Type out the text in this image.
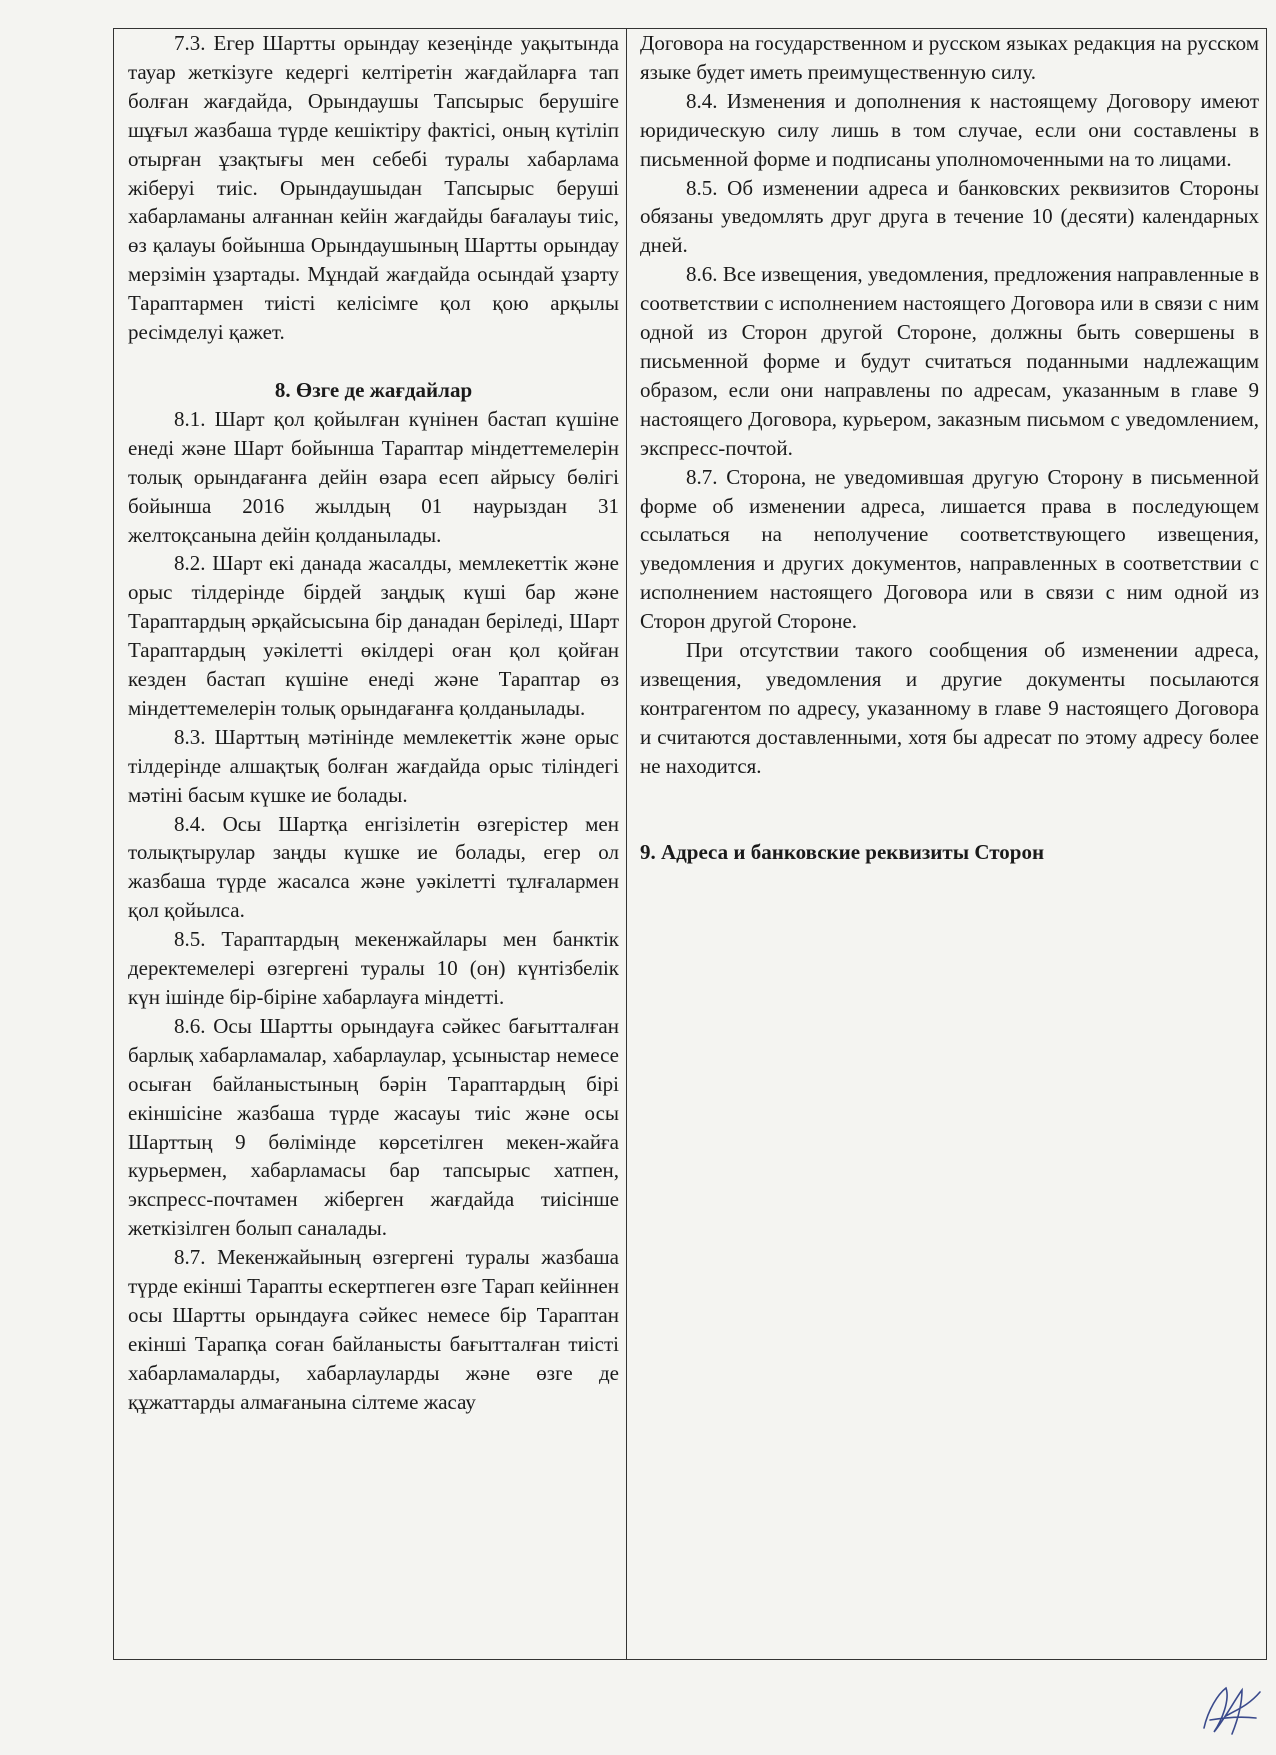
7.3. Егер Шартты орындау кезеңінде уақытында тауар жеткізуге кедергі келтіретін жағдайларға тап болған жағдайда, Орындаушы Тапсырыс берушіге шұғыл жазбаша түрде кешіктіру фактісі, оның күтіліп отырған ұзақтығы мен себебі туралы хабарлама жіберуі тиіс. Орындаушыдан Тапсырыс беруші хабарламаны алғаннан кейін жағдайды бағалауы тиіс, өз қалауы бойынша Орындаушының Шартты орындау мерзімін ұзартады. Мұндай жағдайда осындай ұзарту Тараптармен тиісті келісімге қол қою арқылы ресімделуі қажет.

8. Өзге де жағдайлар

8.1. Шарт қол қойылған күнінен бастап күшіне енеді және Шарт бойынша Тараптар міндеттемелерін толық орындағанға дейін өзара есеп айрысу бөлігі бойынша 2016 жылдың 01 наурыздан 31 желтоқсанына дейін қолданылады.

8.2. Шарт екі данада жасалды, мемлекеттік және орыс тілдерінде бірдей заңдық күші бар және Тараптардың әрқайсысына бір данадан беріледі, Шарт Тараптардың уәкілетті өкілдері оған қол қойған кезден бастап күшіне енеді және Тараптар өз міндеттемелерін толық орындағанға қолданылады.

8.3. Шарттың мәтінінде мемлекеттік және орыс тілдерінде алшақтық болған жағдайда орыс тіліндегі мәтіні басым күшке ие болады.

8.4. Осы Шартқа енгізілетін өзгерістер мен толықтырулар заңды күшке ие болады, егер ол жазбаша түрде жасалса және уәкілетті тұлғалармен қол қойылса.

8.5. Тараптардың мекенжайлары мен банктік деректемелері өзгергені туралы 10 (он) күнтізбелік күн ішінде бір-біріне хабарлауға міндетті.

8.6. Осы Шартты орындауға сәйкес бағытталған барлық хабарламалар, хабарлаулар, ұсыныстар немесе осыған байланыстының бәрін Тараптардың бірі екіншісіне жазбаша түрде жасауы тиіс және осы Шарттың 9 бөлімінде көрсетілген мекен-жайға курьермен, хабарламасы бар тапсырыс хатпен, экспресс-почтамен жіберген жағдайда тиісінше жеткізілген болып саналады.

8.7. Мекенжайының өзгергені туралы жазбаша түрде екінші Тарапты ескертпеген өзге Тарап кейіннен осы Шартты орындауға сәйкес немесе бір Тараптан екінші Тарапқа соған байланысты бағытталған тиісті хабарламаларды, хабарлауларды және өзге де құжаттарды алмағанына сілтеме жасау

Договора на государственном и русском языках редакция на русском языке будет иметь преимущественную силу.

8.4. Изменения и дополнения к настоящему Договору имеют юридическую силу лишь в том случае, если они составлены в письменной форме и подписаны уполномоченными на то лицами.

8.5. Об изменении адреса и банковских реквизитов Стороны обязаны уведомлять друг друга в течение 10 (десяти) календарных дней.

8.6. Все извещения, уведомления, предложения направленные в соответствии с исполнением настоящего Договора или в связи с ним одной из Сторон другой Стороне, должны быть совершены в письменной форме и будут считаться поданными надлежащим образом, если они направлены по адресам, указанным в главе 9 настоящего Договора, курьером, заказным письмом с уведомлением, экспресс-почтой.

8.7. Сторона, не уведомившая другую Сторону в письменной форме об изменении адреса, лишается права в последующем ссылаться на неполучение соответствующего извещения, уведомления и других документов, направленных в соответствии с исполнением настоящего Договора или в связи с ним одной из Сторон другой Стороне.

При отсутствии такого сообщения об изменении адреса, извещения, уведомления и другие документы посылаются контрагентом по адресу, указанному в главе 9 настоящего Договора и считаются доставленными, хотя бы адресат по этому адресу более не находится.

9. Адреса и банковские реквизиты Сторон
